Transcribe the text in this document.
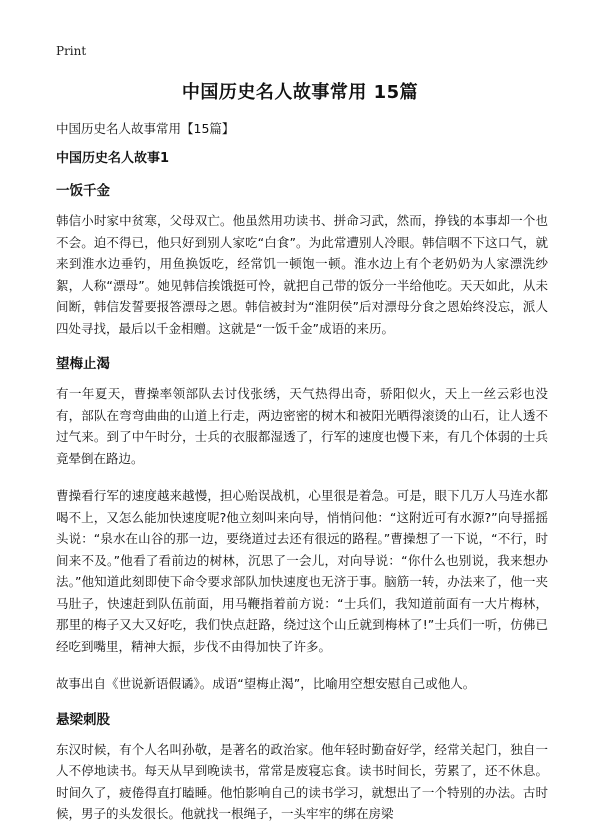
Print
中国历史名人故事常用 15篇

中国历史名人故事常用【15篇】

中国历史名人故事1

一饭千金

韩信小时家中贫寒，父母双亡。他虽然用功读书、拼命习武，然而，挣钱的本事却一个也不会。迫不得已，他只好到别人家吃“白食”。为此常遭别人冷眼。韩信咽不下这口气，就来到淮水边垂钓，用鱼换饭吃，经常饥一顿饱一顿。淮水边上有个老奶奶为人家漂洗纱絮，人称“漂母”。她见韩信挨饿挺可怜，就把自己带的饭分一半给他吃。天天如此，从未间断，韩信发誓要报答漂母之恩。韩信被封为“淮阴侯”后对漂母分食之恩始终没忘，派人四处寻找，最后以千金相赠。这就是“一饭千金”成语的来历。

望梅止渴

有一年夏天，曹操率领部队去讨伐张绣，天气热得出奇，骄阳似火，天上一丝云彩也没有，部队在弯弯曲曲的山道上行走，两边密密的树木和被阳光晒得滚烫的山石，让人透不过气来。到了中午时分，士兵的衣服都湿透了，行军的速度也慢下来，有几个体弱的士兵竟晕倒在路边。

曹操看行军的速度越来越慢，担心贻误战机，心里很是着急。可是，眼下几万人马连水都喝不上，又怎么能加快速度呢?他立刻叫来向导，悄悄问他：“这附近可有水源?”向导摇摇头说：“泉水在山谷的那一边，要绕道过去还有很远的路程。”曹操想了一下说，“不行，时间来不及。”他看了看前边的树林，沉思了一会儿，对向导说：“你什么也别说，我来想办法。”他知道此刻即使下命令要求部队加快速度也无济于事。脑筋一转，办法来了，他一夹马肚子，快速赶到队伍前面，用马鞭指着前方说：“士兵们，我知道前面有一大片梅林，那里的梅子又大又好吃，我们快点赶路，绕过这个山丘就到梅林了!”士兵们一听，仿佛已经吃到嘴里，精神大振，步伐不由得加快了许多。

故事出自《世说新语假谲》。成语“望梅止渴”，比喻用空想安慰自己或他人。

悬梁刺股

东汉时候，有个人名叫孙敬，是著名的政治家。他年轻时勤奋好学，经常关起门，独自一人不停地读书。每天从早到晚读书，常常是废寝忘食。读书时间长，劳累了，还不休息。时间久了，疲倦得直打瞌睡。他怕影响自己的读书学习，就想出了一个特别的办法。古时候，男子的头发很长。他就找一根绳子，一头牢牢的绑在房梁
